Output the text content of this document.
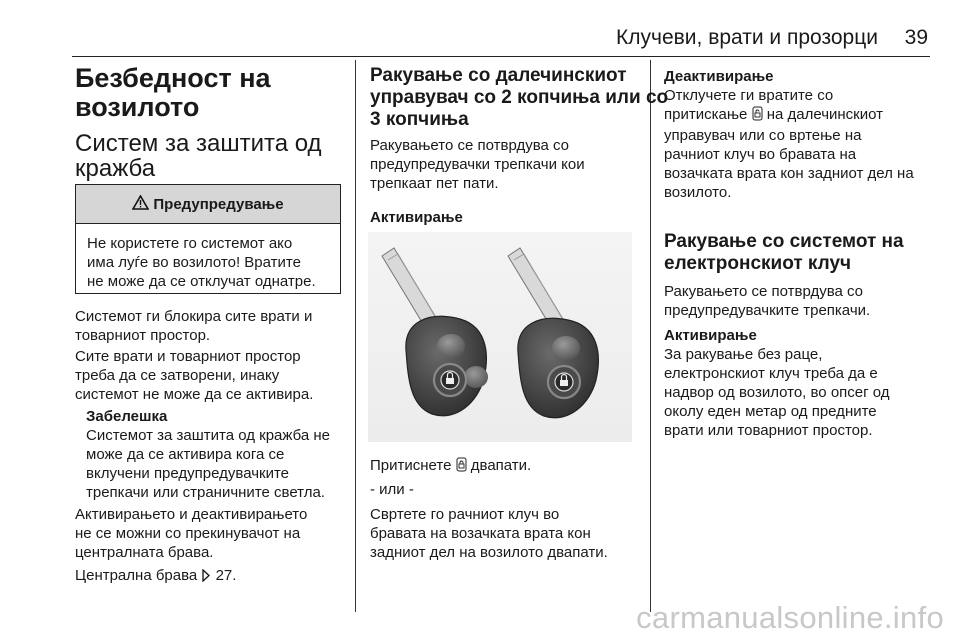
Клучеви, врати и прозорци 39
Безбедност на
возилото
Систем за заштита од
кражба
Предупредување
Не користете го системот ако
има луѓе во возилото! Вратите
не може да се отклучат однатре.
Системот ги блокира сите врати и
товарниот простор.
Сите врати и товарниот простор
треба да се затворени, инаку
системот не може да се активира.
Забелешка
Системот за заштита од кражба не
може да се активира кога се
вклучени предупредувачките
трепкачи или страничните светла.
Активирањето и деактивирањето
не се можни со прекинувачот на
централната брава.
Централна брава 27.
Ракување со далечинскиот
управувач со 2 копчиња или со
3 копчиња
Ракувањето се потврдува со
предупредувачки трепкачи кои
трепкаат пет пати.
Активирање
Притиснете двапати.
- или -
Свртете го рачниот клуч во
бравата на возачката врата кон
задниот дел на возилото двапати.
Деактивирање
Отклучете ги вратите со
притискање на далечинскиот
управувач или со вртење на
рачниот клуч во бравата на
возачката врата кон задниот дел на
возилото.
Ракување со системот на
електронскиот клуч
Ракувањето се потврдува со
предупредувачките трепкачи.
Активирање
За ракување без раце,
електронскиот клуч треба да е
надвор од возилото, во опсег од
околу еден метар од предните
врати или товарниот простор.
carmanualsonline.info
